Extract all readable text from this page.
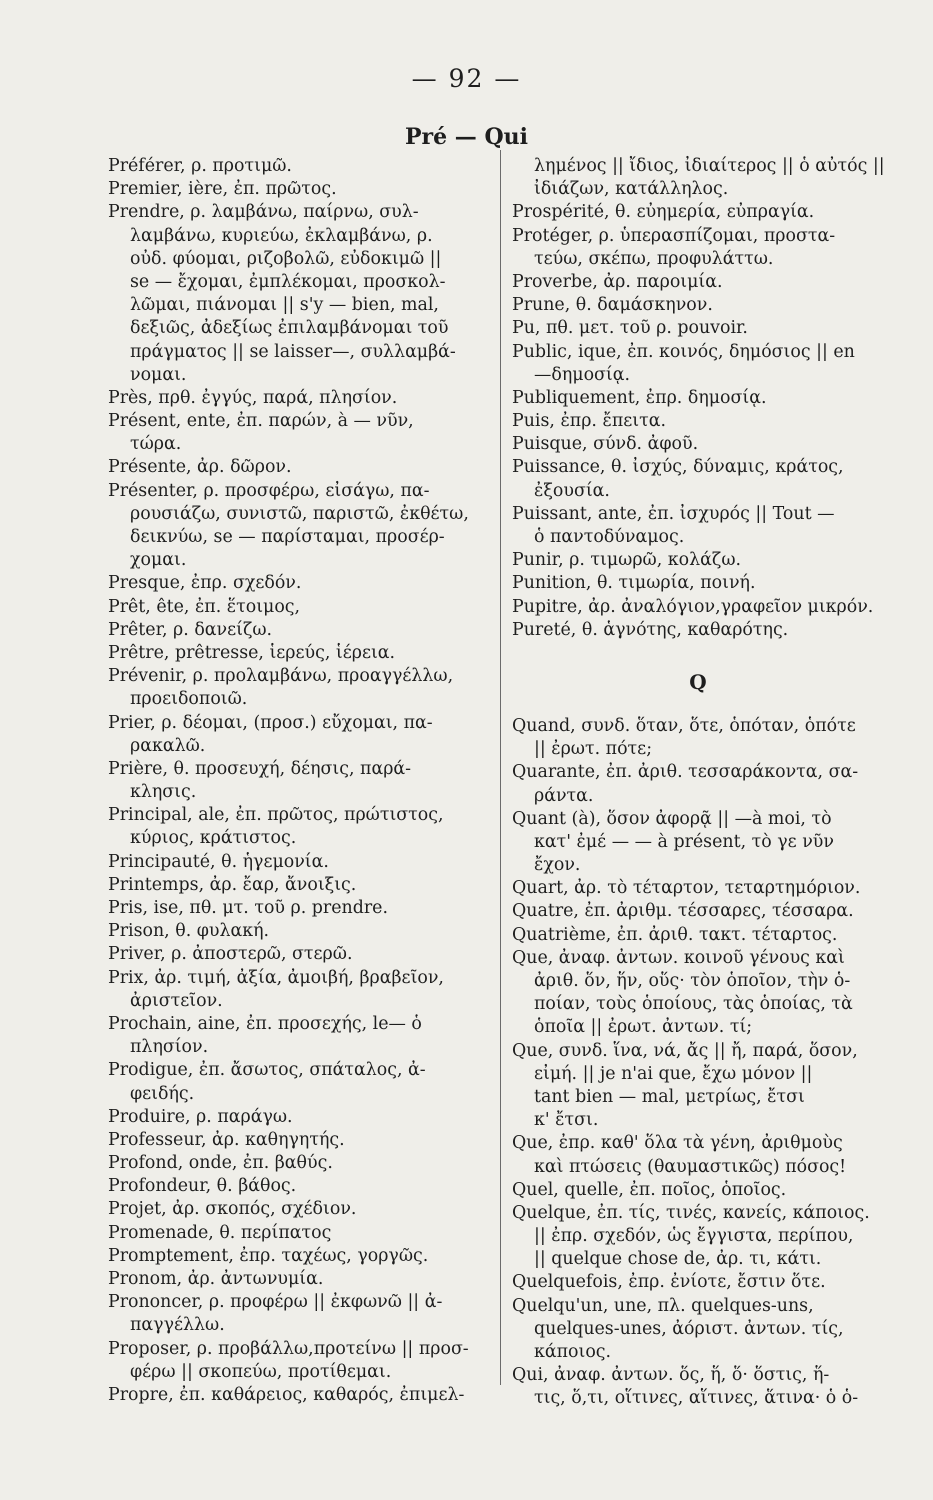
— 92 —
Pré — Qui
Préférer, ρ. προτιμῶ.
Premier, ière, ἐπ. πρῶτος.
Prendre, ρ. λαμβάνω, παίρνω, συλ-
λαμβάνω, κυριεύω, ἐκλαμβάνω, ρ.
οὐδ. φύομαι, ριζοβολῶ, εὐδοκιμῶ ||
se — ἔχομαι, ἐμπλέκομαι, προσκολ-
λῶμαι, πιάνομαι || s'y — bien, mal,
δεξιῶς, ἀδεξίως ἐπιλαμβάνομαι τοῦ
πράγματος || se laisser—, συλλαμβά-
νομαι.
Près, πρθ. ἐγγύς, παρά, πλησίον.
Présent, ente, ἐπ. παρών, à — νῦν,
τώρα.
Présente, ἀρ. δῶρον.
Présenter, ρ. προσφέρω, εἰσάγω, πα-
ρουσιάζω, συνιστῶ, παριστῶ, ἐκθέτω,
δεικνύω, se — παρίσταμαι, προσέρ-
χομαι.
Presque, ἐπρ. σχεδόν.
Prêt, ête, ἐπ. ἕτοιμος,
Prêter, ρ. δανείζω.
Prêtre, prêtresse, ἱερεύς, ἱέρεια.
Prévenir, ρ. προλαμβάνω, προαγγέλλω,
προειδοποιῶ.
Prier, ρ. δέομαι, (προσ.) εὔχομαι, πα-
ρακαλῶ.
Prière, θ. προσευχή, δέησις, παρά-
κλησις.
Principal, ale, ἐπ. πρῶτος, πρώτιστος,
κύριος, κράτιστος.
Principauté, θ. ἡγεμονία.
Printemps, ἀρ. ἔαρ, ἄνοιξις.
Pris, ise, πθ. μτ. τοῦ ρ. prendre.
Prison, θ. φυλακή.
Priver, ρ. ἀποστερῶ, στερῶ.
Prix, ἀρ. τιμή, ἀξία, ἀμοιβή, βραβεῖον,
ἀριστεῖον.
Prochain, aine, ἐπ. προσεχής, le— ὁ
πλησίον.
Prodigue, ἐπ. ἄσωτος, σπάταλος, ἀ-
φειδής.
Produire, ρ. παράγω.
Professeur, ἀρ. καθηγητής.
Profond, onde, ἐπ. βαθύς.
Profondeur, θ. βάθος.
Projet, ἀρ. σκοπός, σχέδιον.
Promenade, θ. περίπατος
Promptement, ἐπρ. ταχέως, γοργῶς.
Pronom, ἀρ. ἀντωνυμία.
Prononcer, ρ. προφέρω || ἐκφωνῶ || ἀ-
παγγέλλω.
Proposer, ρ. προβάλλω,προτείνω || προσ-
φέρω || σκοπεύω, προτίθεμαι.
Propre, ἐπ. καθάρειος, καθαρός, ἐπιμελ-
λημένος || ἴδιος, ἰδιαίτερος || ὁ αὐτός ||
ἰδιάζων, κατάλληλος.
Prospérité, θ. εὐημερία, εὐπραγία.
Protéger, ρ. ὑπερασπίζομαι, προστα-
τεύω, σκέπω, προφυλάττω.
Proverbe, ἀρ. παροιμία.
Prune, θ. δαμάσκηνον.
Pu, πθ. μετ. τοῦ ρ. pouvoir.
Public, ique, ἐπ. κοινός, δημόσιος || en
—δημοσίᾳ.
Publiquement, ἐπρ. δημοσίᾳ.
Puis, ἐπρ. ἔπειτα.
Puisque, σύνδ. ἀφοῦ.
Puissance, θ. ἰσχύς, δύναμις, κράτος,
ἐξουσία.
Puissant, ante, ἐπ. ἰσχυρός || Tout —
ὁ παντοδύναμος.
Punir, ρ. τιμωρῶ, κολάζω.
Punition, θ. τιμωρία, ποινή.
Pupitre, ἀρ. ἀναλόγιον,γραφεῖον μικρόν.
Pureté, θ. ἁγνότης, καθαρότης.
Q
Quand, συνδ. ὅταν, ὅτε, ὁπόταν, ὁπότε
|| ἐρωτ. πότε;
Quarante, ἐπ. ἀριθ. τεσσαράκοντα, σα-
ράντα.
Quant (à), ὅσον ἀφορᾷ || —à moi, τὸ
κατ' ἐμέ — — à présent, τὸ γε νῦν
ἔχον.
Quart, ἀρ. τὸ τέταρτον, τεταρτημόριον.
Quatre, ἐπ. ἀριθμ. τέσσαρες, τέσσαρα.
Quatrième, ἐπ. ἀριθ. τακτ. τέταρτος.
Que, ἀναφ. ἀντων. κοινοῦ γένους καὶ
ἀριθ. ὅν, ἥν, οὕς· τὸν ὁποῖον, τὴν ὁ-
ποίαν, τοὺς ὁποίους, τὰς ὁποίας, τὰ
ὁποῖα || ἐρωτ. ἀντων. τί;
Que, συνδ. ἵνα, νά, ἄς || ἤ, παρά, ὅσον,
εἰμή. || je n'ai que, ἔχω μόνον ||
tant bien — mal, μετρίως, ἔτσι
κ' ἔτσι.
Que, ἐπρ. καθ' ὅλα τὰ γένη, ἀριθμοὺς
καὶ πτώσεις (θαυμαστικῶς) πόσος!
Quel, quelle, ἐπ. ποῖος, ὁποῖος.
Quelque, ἐπ. τίς, τινές, κανείς, κάποιος.
|| ἐπρ. σχεδόν, ὡς ἔγγιστα, περίπου,
|| quelque chose de, ἀρ. τι, κάτι.
Quelquefois, ἐπρ. ἐνίοτε, ἔστιν ὅτε.
Quelqu'un, une, πλ. quelques-uns,
quelques-unes, ἀόριστ. ἀντων. τίς,
κάποιος.
Qui, ἀναφ. ἀντων. ὅς, ἥ, ὅ· ὅστις, ἥ-
τις, ὅ,τι, οἵτινες, αἵτινες, ἅτινα· ὁ ὁ-
